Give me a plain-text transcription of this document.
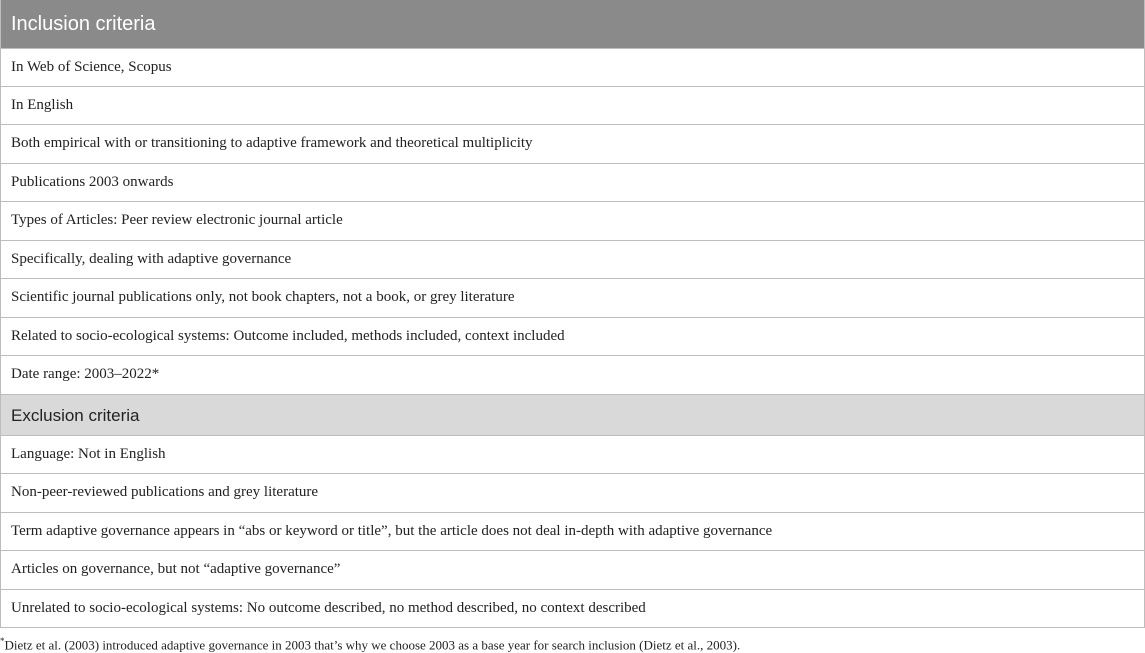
Inclusion criteria
In Web of Science, Scopus
In English
Both empirical with or transitioning to adaptive framework and theoretical multiplicity
Publications 2003 onwards
Types of Articles: Peer review electronic journal article
Specifically, dealing with adaptive governance
Scientific journal publications only, not book chapters, not a book, or grey literature
Related to socio-ecological systems: Outcome included, methods included, context included
Date range: 2003–2022*
Exclusion criteria
Language: Not in English
Non-peer-reviewed publications and grey literature
Term adaptive governance appears in “abs or keyword or title”, but the article does not deal in-depth with adaptive governance
Articles on governance, but not “adaptive governance”
Unrelated to socio-ecological systems: No outcome described, no method described, no context described
*Dietz et al. (2003) introduced adaptive governance in 2003 that’s why we choose 2003 as a base year for search inclusion (Dietz et al., 2003).
